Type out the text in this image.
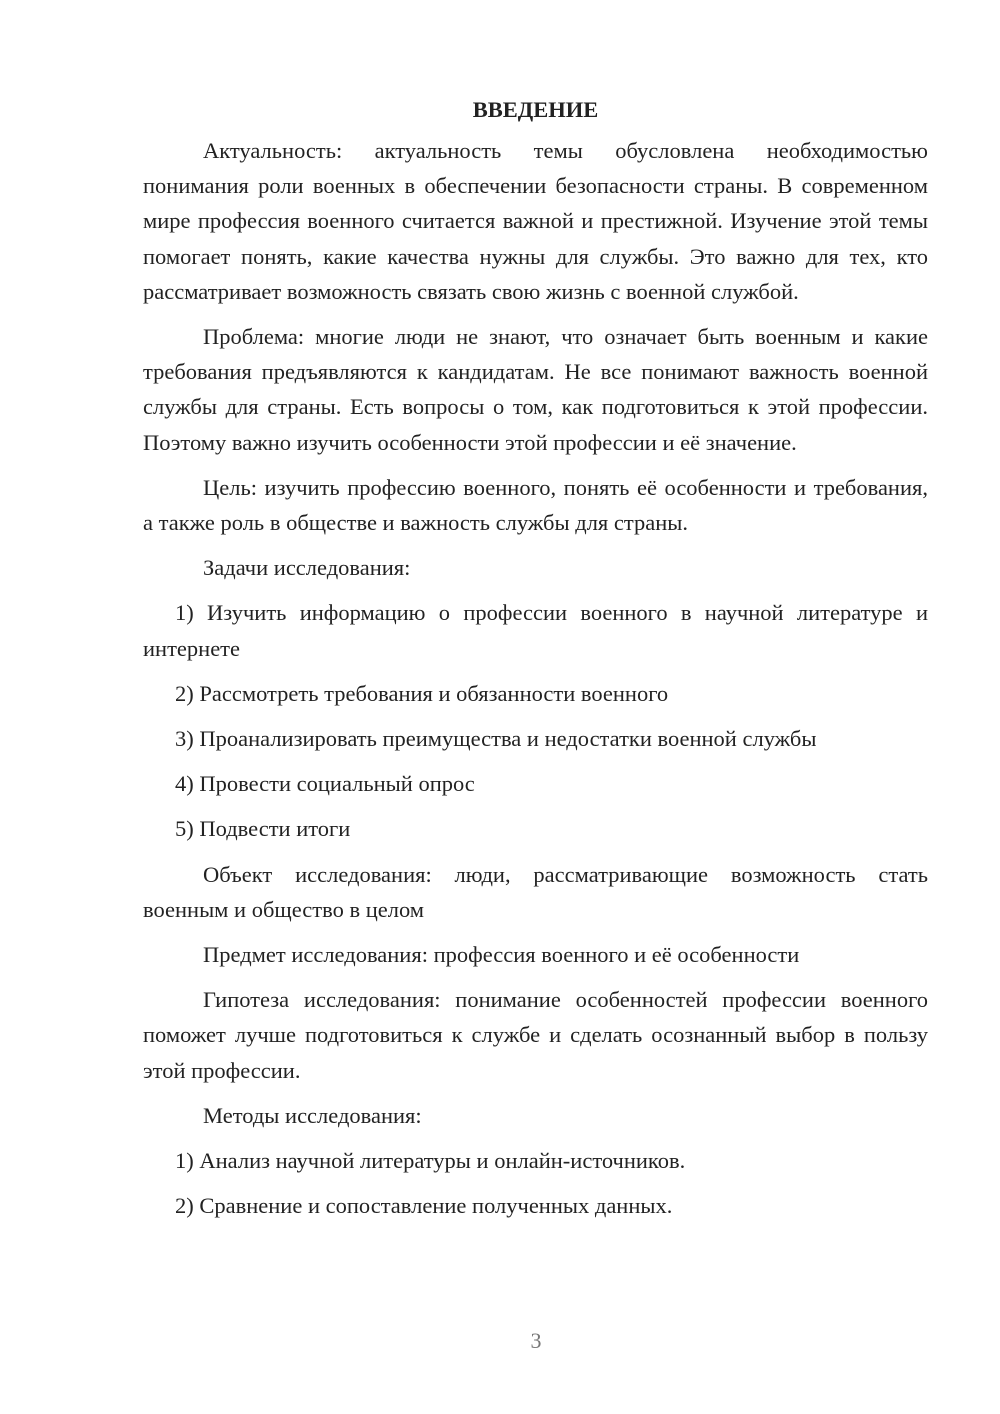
ВВЕДЕНИЕ

Актуальность: актуальность темы обусловлена необходимостью понимания роли военных в обеспечении безопасности страны. В современном мире профессия военного считается важной и престижной. Изучение этой темы помогает понять, какие качества нужны для службы. Это важно для тех, кто рассматривает возможность связать свою жизнь с военной службой.

Проблема: многие люди не знают, что означает быть военным и какие требования предъявляются к кандидатам. Не все понимают важность военной службы для страны. Есть вопросы о том, как подготовиться к этой профессии. Поэтому важно изучить особенности этой профессии и её значение.

Цель: изучить профессию военного, понять её особенности и требования, а также роль в обществе и важность службы для страны.

Задачи исследования:

1) Изучить информацию о профессии военного в научной литературе и интернете

2) Рассмотреть требования и обязанности военного

3) Проанализировать преимущества и недостатки военной службы

4) Провести социальный опрос

5) Подвести итоги

Объект исследования: люди, рассматривающие возможность стать военным и общество в целом

Предмет исследования: профессия военного и её особенности

Гипотеза исследования: понимание особенностей профессии военного поможет лучше подготовиться к службе и сделать осознанный выбор в пользу этой профессии.

Методы исследования:

1) Анализ научной литературы и онлайн-источников.

2) Сравнение и сопоставление полученных данных.

3
